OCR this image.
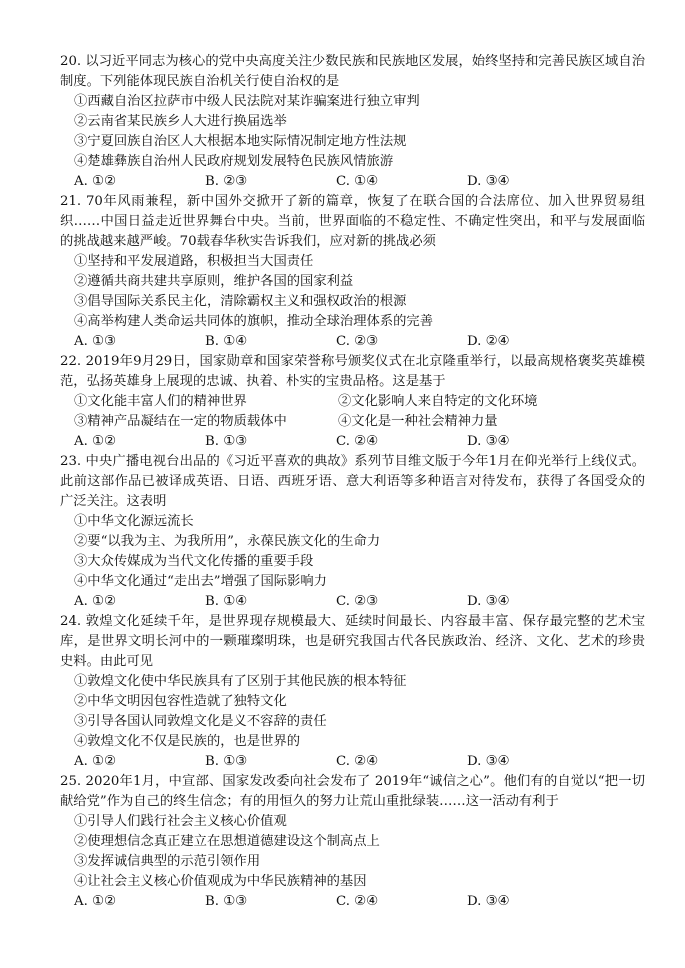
20. 以习近平同志为核心的党中央高度关注少数民族和民族地区发展，始终坚持和完善民族区域自治制度。下列能体现民族自治机关行使自治权的是

①西藏自治区拉萨市中级人民法院对某诈骗案进行独立审判

②云南省某民族乡人大进行换届选举

③宁夏回族自治区人大根据本地实际情况制定地方性法规

④楚雄彝族自治州人民政府规划发展特色民族风情旅游

A. ①②	B. ②③	C. ①④	D. ③④

21. 70年风雨兼程，新中国外交掀开了新的篇章，恢复了在联合国的合法席位、加入世界贸易组织……中国日益走近世界舞台中央。当前，世界面临的不稳定性、不确定性突出，和平与发展面临的挑战越来越严峻。70载春华秋实告诉我们，应对新的挑战必须

①坚持和平发展道路，积极担当大国责任

②遵循共商共建共享原则，维护各国的国家利益

③倡导国际关系民主化，清除霸权主义和强权政治的根源

④高举构建人类命运共同体的旗帜，推动全球治理体系的完善

A. ①③	B. ①④	C. ②③	D. ②④

22. 2019年9月29日，国家勋章和国家荣誉称号颁奖仪式在北京隆重举行，以最高规格褒奖英雄模范，弘扬英雄身上展现的忠诚、执着、朴实的宝贵品格。这是基于

①文化能丰富人们的精神世界	②文化影响人来自特定的文化环境
③精神产品凝结在一定的物质载体中	④文化是一种社会精神力量
A. ①②	B. ①③	C. ②④	D. ③④

23. 中央广播电视台出品的《习近平喜欢的典故》系列节目维文版于今年1月在仰光举行上线仪式。此前这部作品已被译成英语、日语、西班牙语、意大利语等多种语言对待发布，获得了各国受众的广泛关注。这表明

①中华文化源远流长

②要“以我为主、为我所用”，永葆民族文化的生命力

③大众传媒成为当代文化传播的重要手段

④中华文化通过“走出去”增强了国际影响力

A. ①②	B. ①④	C. ②③	D. ③④

24. 敦煌文化延续千年，是世界现存规模最大、延续时间最长、内容最丰富、保存最完整的艺术宝库，是世界文明长河中的一颗璀璨明珠，也是研究我国古代各民族政治、经济、文化、艺术的珍贵史料。由此可见

①敦煌文化使中华民族具有了区别于其他民族的根本特征

②中华文明因包容性造就了独特文化

③引导各国认同敦煌文化是义不容辞的责任

④敦煌文化不仅是民族的，也是世界的

A. ①②	B. ①③	C. ②④	D. ③④

25. 2020年1月，中宣部、国家发改委向社会发布了 2019年“诚信之心”。他们有的自觉以“把一切献给党”作为自己的终生信念；有的用恒久的努力让荒山重批绿装……这一活动有利于

①引导人们践行社会主义核心价值观

②使理想信念真正建立在思想道德建设这个制高点上

③发挥诚信典型的示范引领作用

④让社会主义核心价值观成为中华民族精神的基因

A. ①②	B. ①③	C. ②④	D. ③④
